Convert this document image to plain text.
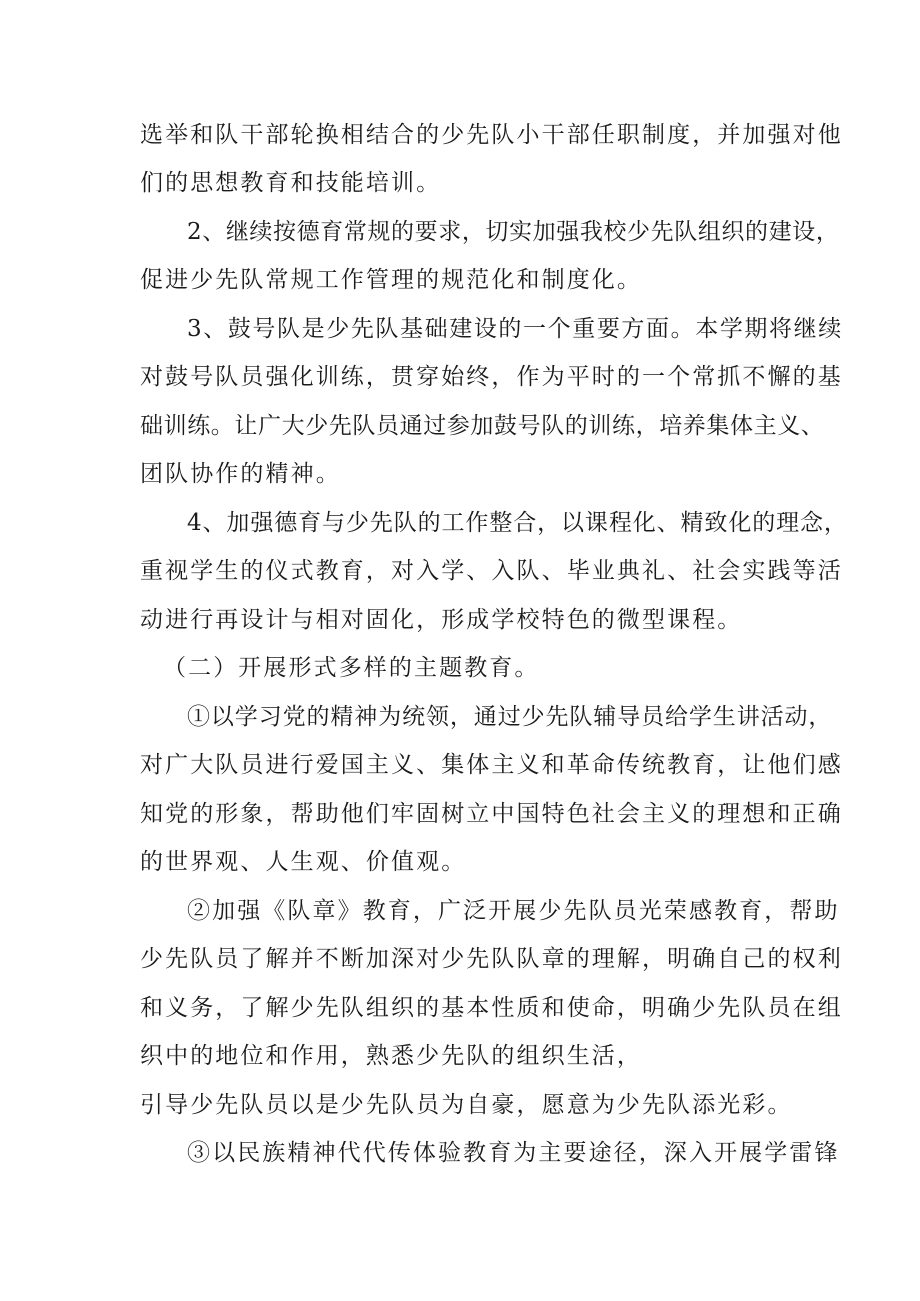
选举和队干部轮换相结合的少先队小干部任职制度，并加强对他
们的思想教育和技能培训。
2、继续按德育常规的要求，切实加强我校少先队组织的建设，
促进少先队常规工作管理的规范化和制度化。
3、鼓号队是少先队基础建设的一个重要方面。本学期将继续
对鼓号队员强化训练，贯穿始终，作为平时的一个常抓不懈的基
础训练。让广大少先队员通过参加鼓号队的训练，培养集体主义、
团队协作的精神。
4、加强德育与少先队的工作整合，以课程化、精致化的理念，
重视学生的仪式教育，对入学、入队、毕业典礼、社会实践等活
动进行再设计与相对固化，形成学校特色的微型课程。
（二）开展形式多样的主题教育。
①以学习党的精神为统领，通过少先队辅导员给学生讲活动，
对广大队员进行爱国主义、集体主义和革命传统教育，让他们感
知党的形象，帮助他们牢固树立中国特色社会主义的理想和正确
的世界观、人生观、价值观。
②加强《队章》教育，广泛开展少先队员光荣感教育，帮助
少先队员了解并不断加深对少先队队章的理解，明确自己的权利
和义务，了解少先队组织的基本性质和使命，明确少先队员在组
织中的地位和作用，熟悉少先队的组织生活，
引导少先队员以是少先队员为自豪，愿意为少先队添光彩。
③以民族精神代代传体验教育为主要途径，深入开展学雷锋
